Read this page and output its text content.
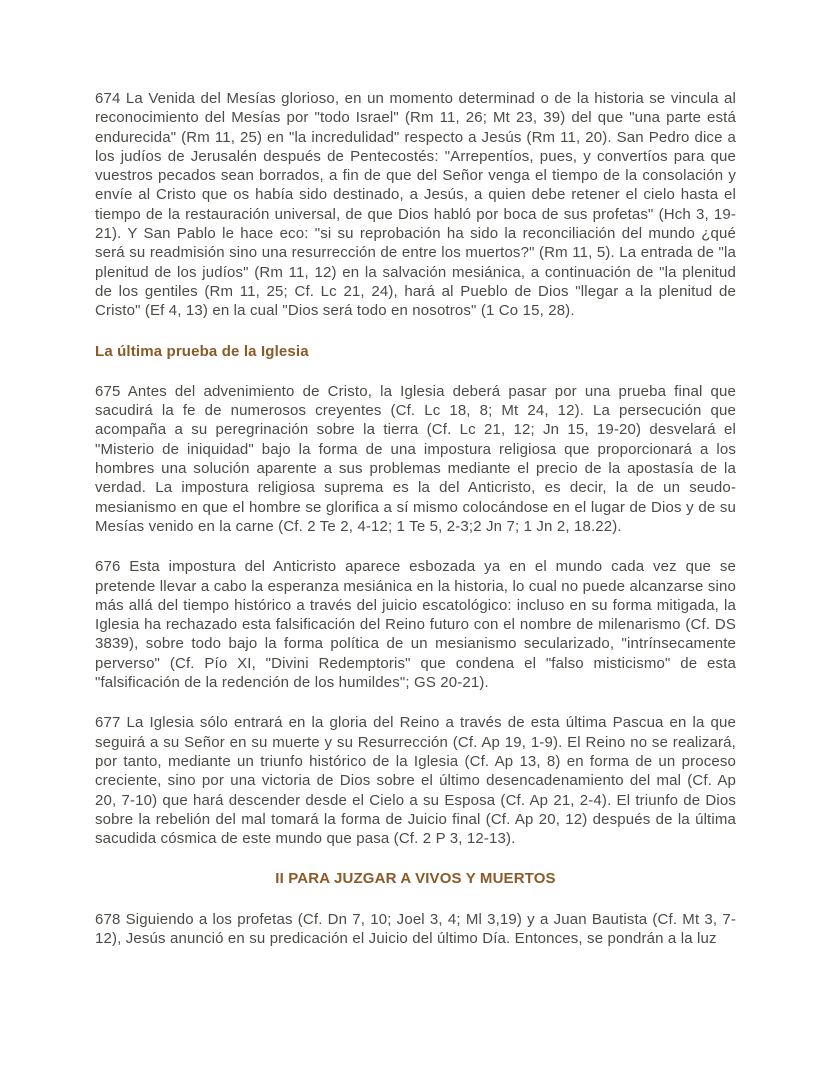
674 La Venida del Mesías glorioso, en un momento determinad o de la historia se vincula al reconocimiento del Mesías por "todo Israel" (Rm 11, 26; Mt 23, 39) del que "una parte está endurecida" (Rm 11, 25) en "la incredulidad" respecto a Jesús (Rm 11, 20). San Pedro dice a los judíos de Jerusalén después de Pentecostés: "Arrepentíos, pues, y convertíos para que vuestros pecados sean borrados, a fin de que del Señor venga el tiempo de la consolación y envíe al Cristo que os había sido destinado, a Jesús, a quien debe retener el cielo hasta el tiempo de la restauración universal, de que Dios habló por boca de sus profetas" (Hch 3, 19-21). Y San Pablo le hace eco: "si su reprobación ha sido la reconciliación del mundo ¿qué será su readmisión sino una resurrección de entre los muertos?" (Rm 11, 5). La entrada de "la plenitud de los judíos" (Rm 11, 12) en la salvación mesiánica, a continuación de "la plenitud de los gentiles (Rm 11, 25; Cf. Lc 21, 24), hará al Pueblo de Dios "llegar a la plenitud de Cristo" (Ef 4, 13) en la cual "Dios será todo en nosotros" (1 Co 15, 28).

La última prueba de la Iglesia

675 Antes del advenimiento de Cristo, la Iglesia deberá pasar por una prueba final que sacudirá la fe de numerosos creyentes (Cf. Lc 18, 8; Mt 24, 12). La persecución que acompaña a su peregrinación sobre la tierra (Cf. Lc 21, 12; Jn 15, 19-20) desvelará el "Misterio de iniquidad" bajo la forma de una impostura religiosa que proporcionará a los hombres una solución aparente a sus problemas mediante el precio de la apostasía de la verdad. La impostura religiosa suprema es la del Anticristo, es decir, la de un seudo-mesianismo en que el hombre se glorifica a sí mismo colocándose en el lugar de Dios y de su Mesías venido en la carne (Cf. 2 Te 2, 4-12; 1 Te 5, 2-3;2 Jn 7; 1 Jn 2, 18.22).

676 Esta impostura del Anticristo aparece esbozada ya en el mundo cada vez que se pretende llevar a cabo la esperanza mesiánica en la historia, lo cual no puede alcanzarse sino más allá del tiempo histórico a través del juicio escatológico: incluso en su forma mitigada, la Iglesia ha rechazado esta falsificación del Reino futuro con el nombre de milenarismo (Cf. DS 3839), sobre todo bajo la forma política de un mesianismo secularizado, "intrínsecamente perverso" (Cf. Pío XI, "Divini Redemptoris" que condena el "falso misticismo" de esta "falsificación de la redención de los humildes"; GS 20-21).

677 La Iglesia sólo entrará en la gloria del Reino a través de esta última Pascua en la que seguirá a su Señor en su muerte y su Resurrección (Cf. Ap 19, 1-9). El Reino no se realizará, por tanto, mediante un triunfo histórico de la Iglesia (Cf. Ap 13, 8) en forma de un proceso creciente, sino por una victoria de Dios sobre el último desencadenamiento del mal (Cf. Ap 20, 7-10) que hará descender desde el Cielo a su Esposa (Cf. Ap 21, 2-4). El triunfo de Dios sobre la rebelión del mal tomará la forma de Juicio final (Cf. Ap 20, 12) después de la última sacudida cósmica de este mundo que pasa (Cf. 2 P 3, 12-13).

II PARA JUZGAR A VIVOS Y MUERTOS

678 Siguiendo a los profetas (Cf. Dn 7, 10; Joel 3, 4; Ml 3,19) y a Juan Bautista (Cf. Mt 3, 7-12), Jesús anunció en su predicación el Juicio del último Día. Entonces, se pondrán a la luz
